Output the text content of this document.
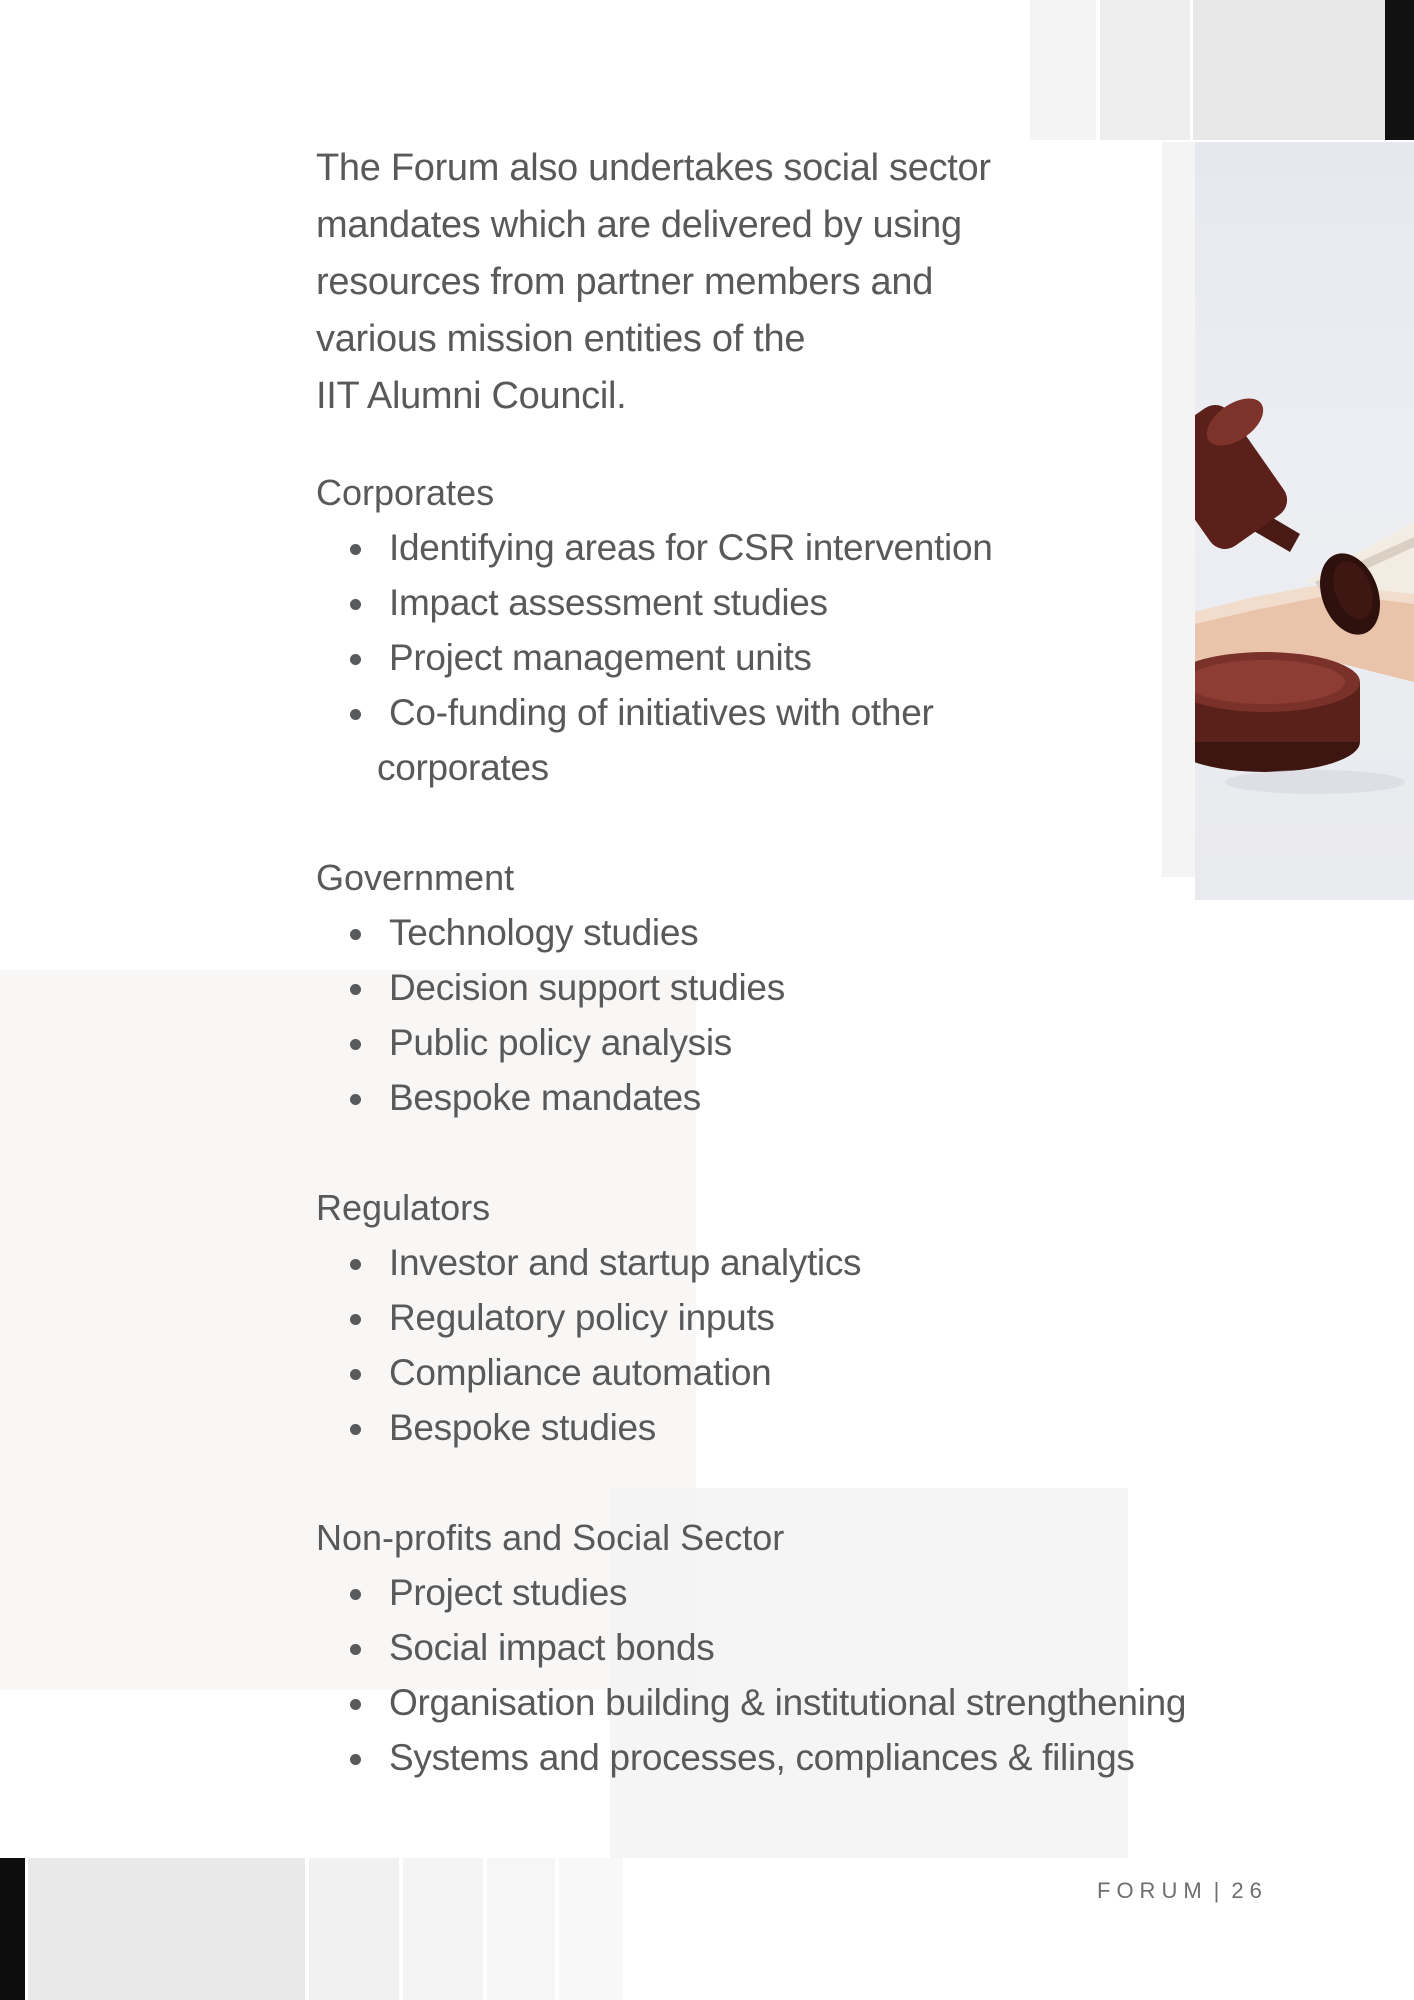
The Forum also undertakes social sector
mandates which are delivered by using
resources from partner members and
various mission entities of the
IIT Alumni Council.

Corporates

Identifying areas for CSR intervention
Impact assessment studies
Project management units
Co-funding of initiatives with other
corporates

Government

Technology studies
Decision support studies
Public policy analysis
Bespoke mandates

Regulators

Investor and startup analytics
Regulatory policy inputs
Compliance automation
Bespoke studies

Non-profits and Social Sector

Project studies
Social impact bonds
Organisation building & institutional strengthening
Systems and processes, compliances & filings
FORUM | 26
